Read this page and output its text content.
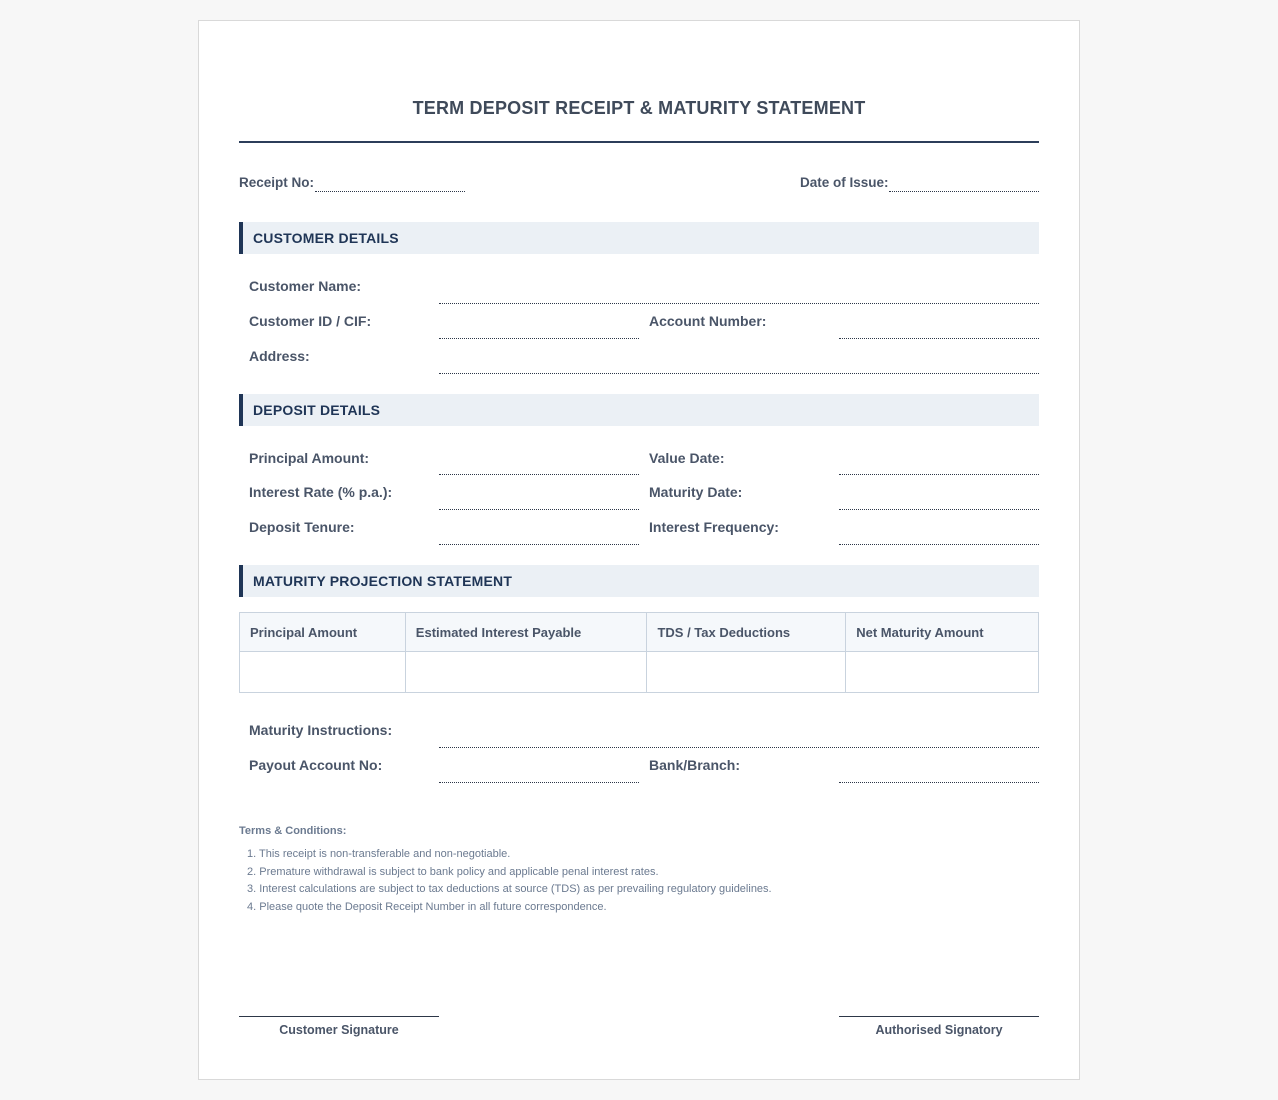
TERM DEPOSIT RECEIPT & MATURITY STATEMENT
Receipt No:	Date of Issue:
CUSTOMER DETAILS
Customer Name:
Customer ID / CIF:	Account Number:
Address:
DEPOSIT DETAILS
Principal Amount:	Value Date:
Interest Rate (% p.a.):	Maturity Date:
Deposit Tenure:	Interest Frequency:
MATURITY PROJECTION STATEMENT
Principal Amount	Estimated Interest Payable	TDS / Tax Deductions	Net Maturity Amount

Maturity Instructions:
Payout Account No:	Bank/Branch:
Terms & Conditions:
1. This receipt is non-transferable and non-negotiable.
2. Premature withdrawal is subject to bank policy and applicable penal interest rates.
3. Interest calculations are subject to tax deductions at source (TDS) as per prevailing regulatory guidelines.
4. Please quote the Deposit Receipt Number in all future correspondence.
Customer Signature	Authorised Signatory
